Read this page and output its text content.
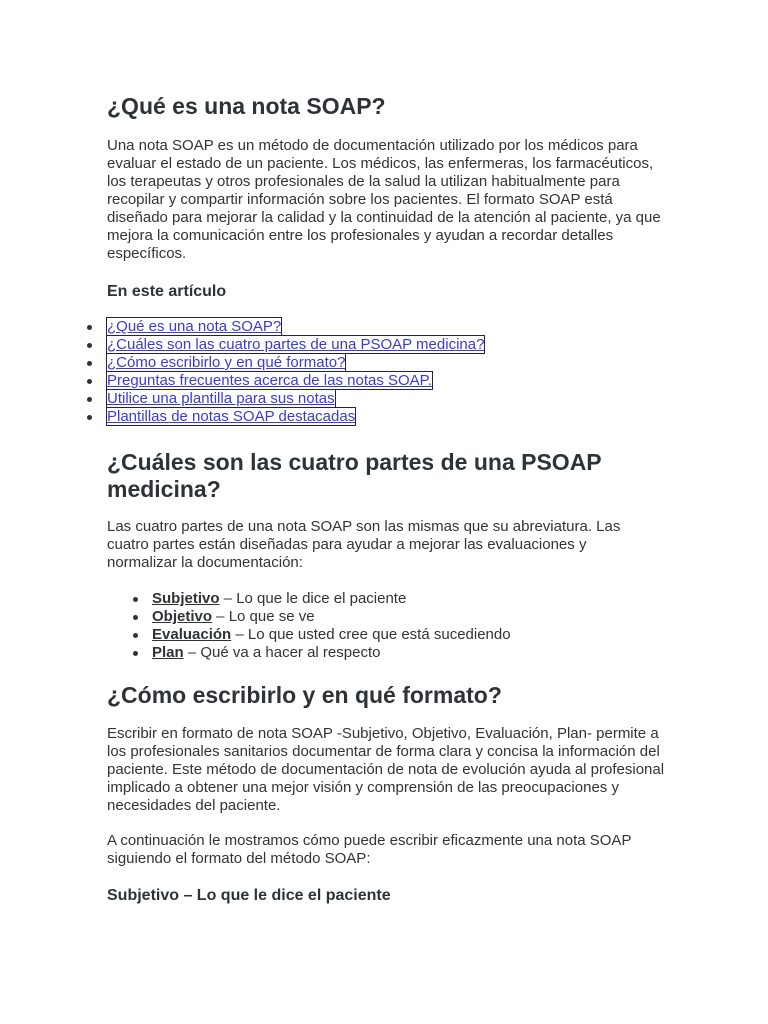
¿Qué es una nota SOAP?

Una nota SOAP es un método de documentación utilizado por los médicos para evaluar el estado de un paciente. Los médicos, las enfermeras, los farmacéuticos, los terapeutas y otros profesionales de la salud la utilizan habitualmente para recopilar y compartir información sobre los pacientes. El formato SOAP está diseñado para mejorar la calidad y la continuidad de la atención al paciente, ya que mejora la comunicación entre los profesionales y ayudan a recordar detalles específicos.

En este artículo
¿Qué es una nota SOAP?
¿Cuáles son las cuatro partes de una PSOAP medicina?
¿Cómo escribirlo y en qué formato?
Preguntas frecuentes acerca de las notas SOAP.
Utilice una plantilla para sus notas
Plantillas de notas SOAP destacadas
¿Cuáles son las cuatro partes de una PSOAP medicina?

Las cuatro partes de una nota SOAP son las mismas que su abreviatura. Las cuatro partes están diseñadas para ayudar a mejorar las evaluaciones y normalizar la documentación:

Subjetivo – Lo que le dice el paciente
Objetivo – Lo que se ve
Evaluación – Lo que usted cree que está sucediendo
Plan – Qué va a hacer al respecto
¿Cómo escribirlo y en qué formato?

Escribir en formato de nota SOAP -Subjetivo, Objetivo, Evaluación, Plan- permite a los profesionales sanitarios documentar de forma clara y concisa la información del paciente. Este método de documentación de nota de evolución ayuda al profesional implicado a obtener una mejor visión y comprensión de las preocupaciones y necesidades del paciente.

A continuación le mostramos cómo puede escribir eficazmente una nota SOAP siguiendo el formato del método SOAP:

Subjetivo – Lo que le dice el paciente
